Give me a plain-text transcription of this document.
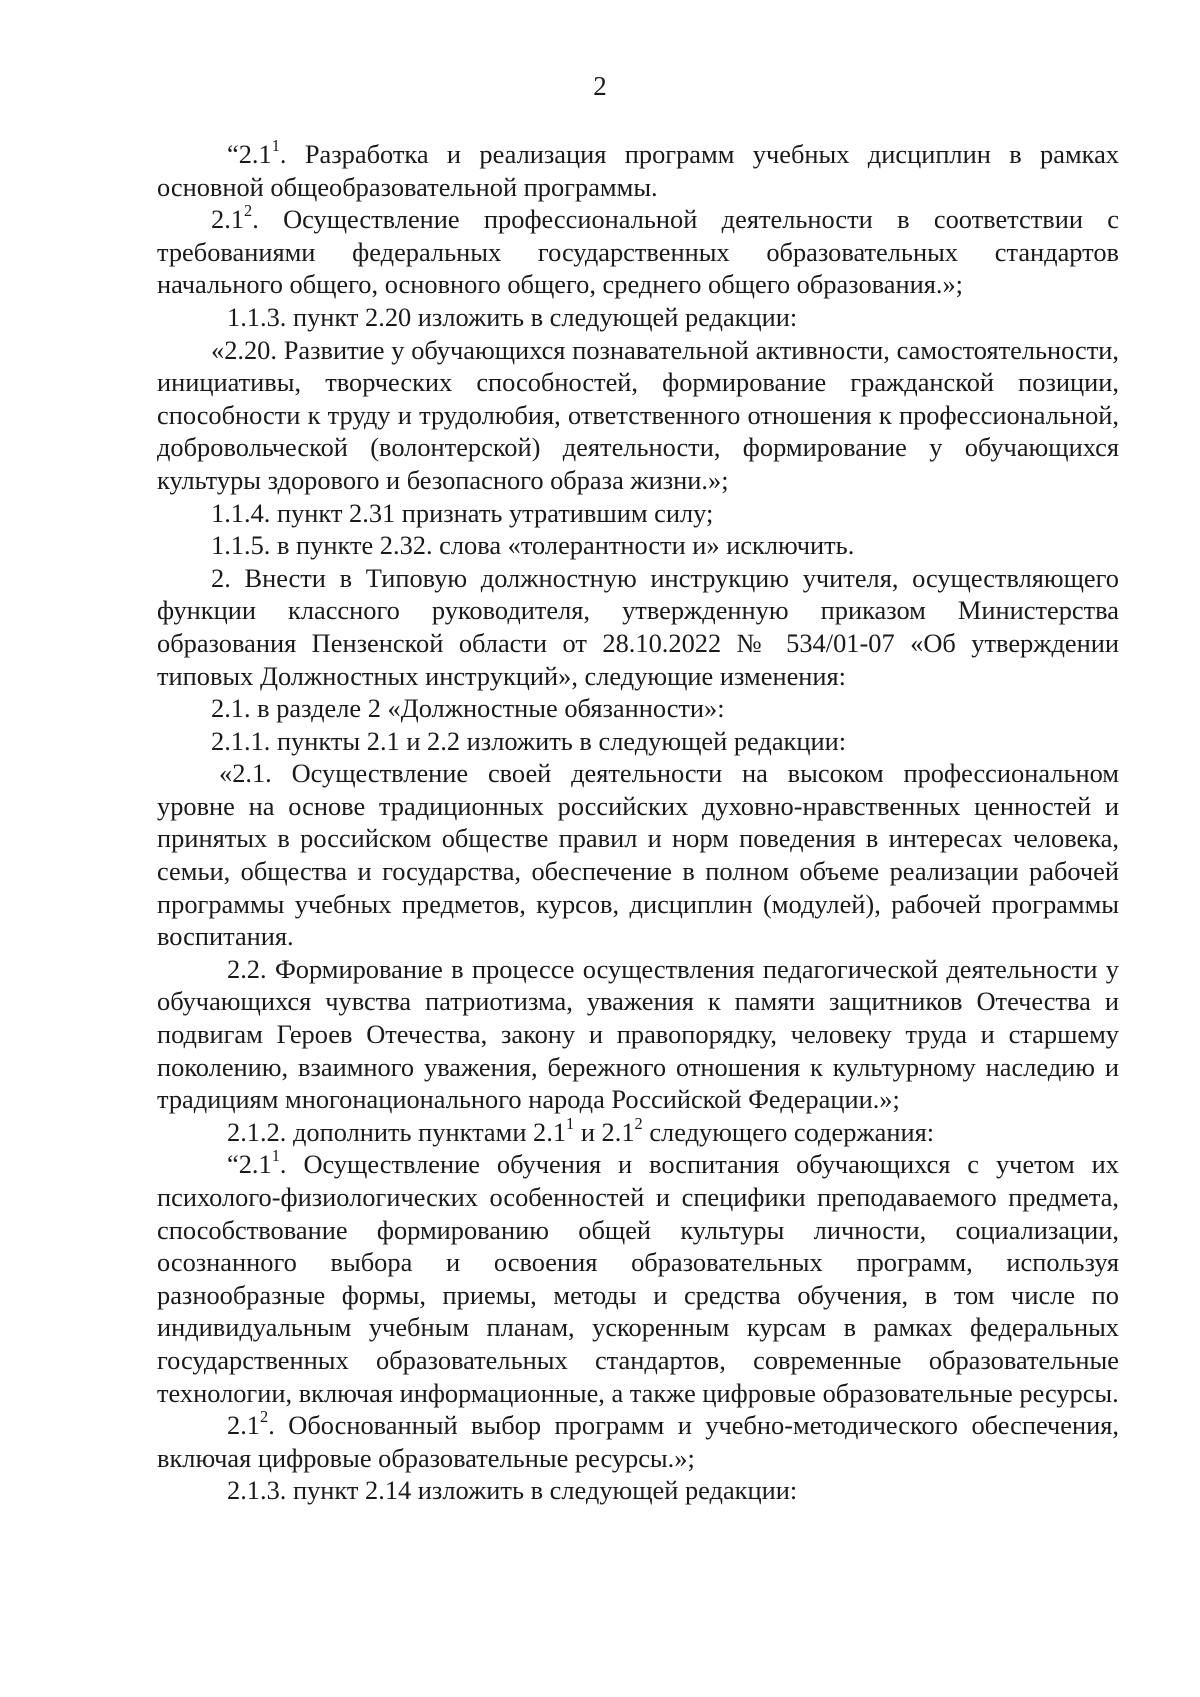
2

“$2.1^1$. Разработка и реализация программ учебных дисциплин в рамках основной общеобразовательной программы.

$2.1^2$. Осуществление профессиональной деятельности в соответствии с требованиями федеральных государственных образовательных стандартов начального общего, основного общего, среднего общего образования.»;

1.1.3. пункт 2.20 изложить в следующей редакции:

«2.20. Развитие у обучающихся познавательной активности, самостоятельности, инициативы, творческих способностей, формирование гражданской позиции, способности к труду и трудолюбия, ответственного отношения к профессиональной, добровольческой (волонтерской) деятельности, формирование у обучающихся культуры здорового и безопасного образа жизни.»;

1.1.4. пункт 2.31 признать утратившим силу;

1.1.5. в пункте 2.32. слова «толерантности и» исключить.

2. Внести в Типовую должностную инструкцию учителя, осуществляющего функции классного руководителя, утвержденную приказом Министерства образования Пензенской области от 28.10.2022 № 534/01-07 «Об утверждении типовых Должностных инструкций», следующие изменения:

2.1. в разделе 2 «Должностные обязанности»:

2.1.1. пункты 2.1 и 2.2 изложить в следующей редакции:

«2.1. Осуществление своей деятельности на высоком профессиональном уровне на основе традиционных российских духовно-нравственных ценностей и принятых в российском обществе правил и норм поведения в интересах человека, семьи, общества и государства, обеспечение в полном объеме реализации рабочей программы учебных предметов, курсов, дисциплин (модулей), рабочей программы воспитания.

2.2. Формирование в процессе осуществления педагогической деятельности у обучающихся чувства патриотизма, уважения к памяти защитников Отечества и подвигам Героев Отечества, закону и правопорядку, человеку труда и старшему поколению, взаимного уважения, бережного отношения к культурному наследию и традициям многонационального народа Российской Федерации.»;

2.1.2. дополнить пунктами $2.1^1$ и $2.1^2$ следующего содержания:

“$2.1^1$. Осуществление обучения и воспитания обучающихся с учетом их психолого-физиологических особенностей и специфики преподаваемого предмета, способствование формированию общей культуры личности, социализации, осознанного выбора и освоения образовательных программ, используя разнообразные формы, приемы, методы и средства обучения, в том числе по индивидуальным учебным планам, ускоренным курсам в рамках федеральных государственных образовательных стандартов, современные образовательные технологии, включая информационные, а также цифровые образовательные ресурсы.

$2.1^2$. Обоснованный выбор программ и учебно-методического обеспечения, включая цифровые образовательные ресурсы.»;

2.1.3. пункт 2.14 изложить в следующей редакции:
